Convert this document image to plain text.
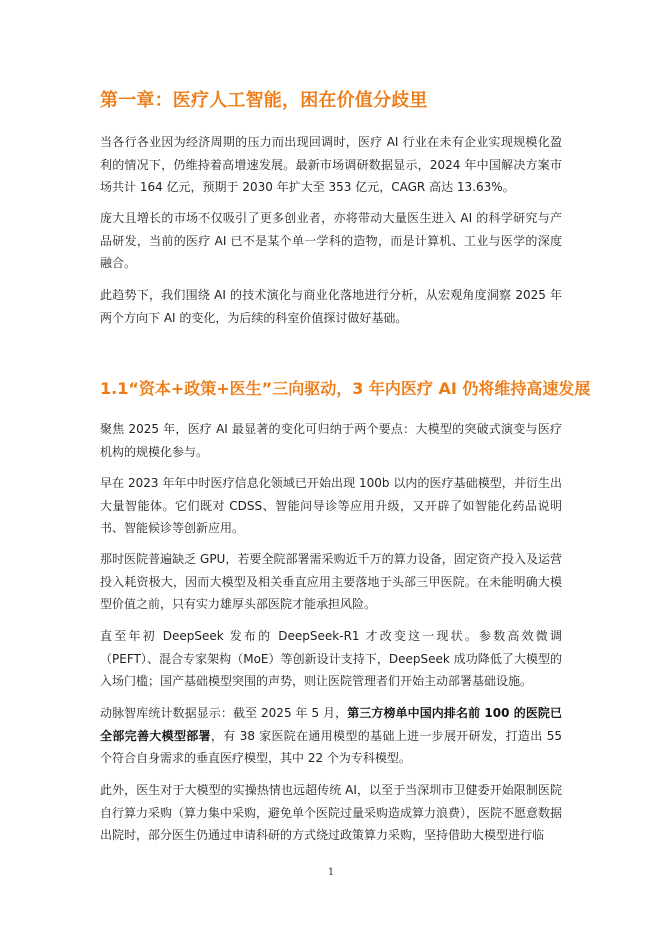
第一章：医疗人工智能，困在价值分歧里

当各行各业因为经济周期的压力而出现回调时，医疗 AI 行业在未有企业实现规模化盈利的情况下，仍维持着高增速发展。最新市场调研数据显示，2024 年中国解决方案市场共计 164 亿元，预期于 2030 年扩大至 353 亿元，CAGR 高达 13.63%。

庞大且增长的市场不仅吸引了更多创业者，亦将带动大量医生进入 AI 的科学研究与产品研发，当前的医疗 AI 已不是某个单一学科的造物，而是计算机、工业与医学的深度融合。

此趋势下，我们围绕 AI 的技术演化与商业化落地进行分析，从宏观角度洞察 2025 年两个方向下 AI 的变化，为后续的科室价值探讨做好基础。

1.1“资本+政策+医生”三向驱动，3 年内医疗 AI 仍将维持高速发展

聚焦 2025 年，医疗 AI 最显著的变化可归纳于两个要点：大模型的突破式演变与医疗机构的规模化参与。

早在 2023 年年中时医疗信息化领域已开始出现 100b 以内的医疗基础模型，并衍生出大量智能体。它们既对 CDSS、智能问导诊等应用升级，又开辟了如智能化药品说明书、智能候诊等创新应用。

那时医院普遍缺乏 GPU，若要全院部署需采购近千万的算力设备，固定资产投入及运营投入耗资极大，因而大模型及相关垂直应用主要落地于头部三甲医院。在未能明确大模型价值之前，只有实力雄厚头部医院才能承担风险。

直至年初 DeepSeek 发布的 DeepSeek-R1 才改变这一现状。参数高效微调（PEFT）、混合专家架构（MoE）等创新设计支持下，DeepSeek 成功降低了大模型的入场门槛；国产基础模型突围的声势，则让医院管理者们开始主动部署基础设施。

动脉智库统计数据显示：截至 2025 年 5 月，第三方榜单中国内排名前 100 的医院已全部完善大模型部署，有 38 家医院在通用模型的基础上进一步展开研发，打造出 55 个符合自身需求的垂直医疗模型，其中 22 个为专科模型。

此外，医生对于大模型的实操热情也远超传统 AI，以至于当深圳市卫健委开始限制医院自行算力采购（算力集中采购，避免单个医院过量采购造成算力浪费），医院不愿意数据出院时，部分医生仍通过申请科研的方式绕过政策算力采购，坚持借助大模型进行临

1
